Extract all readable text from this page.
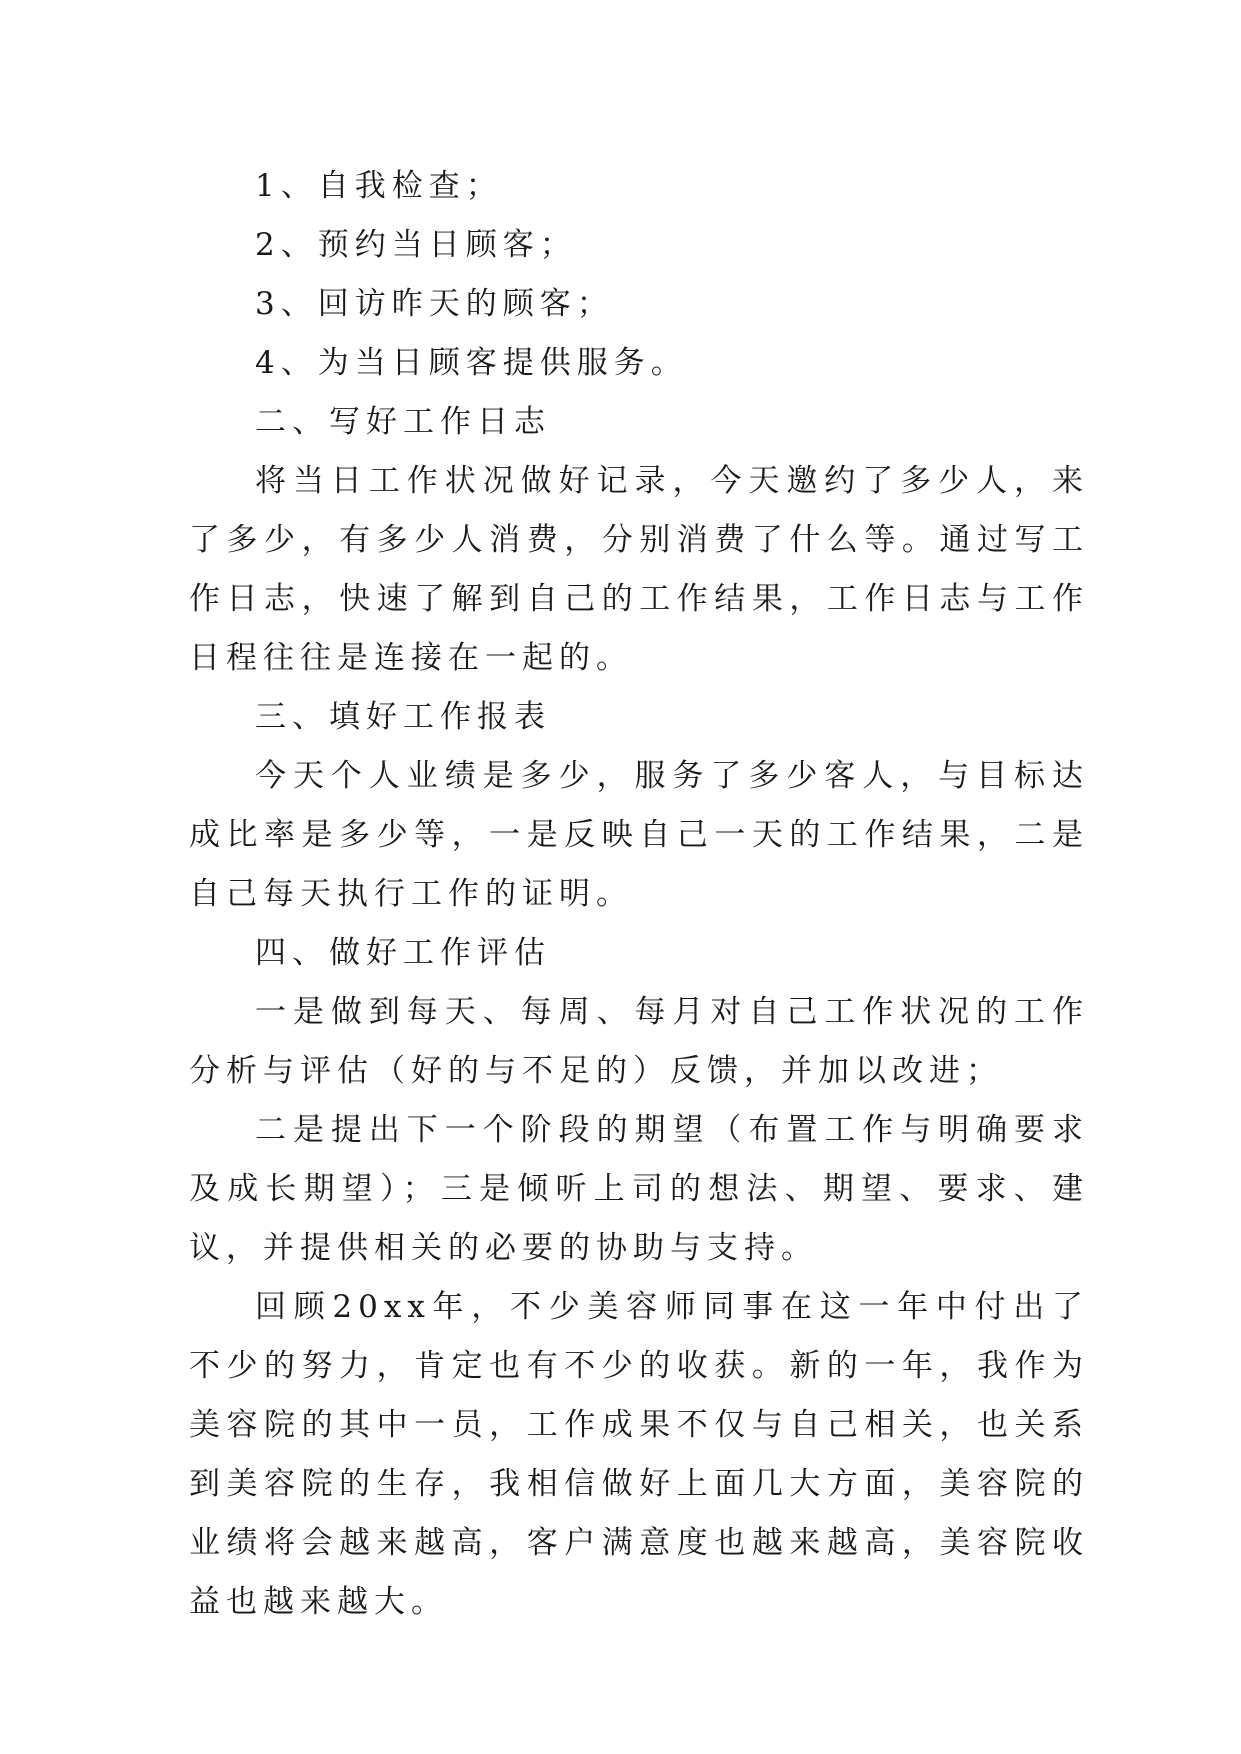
1、自我检查；

2、预约当日顾客；

3、回访昨天的顾客；

4、为当日顾客提供服务。

二、写好工作日志

将当日工作状况做好记录，今天邀约了多少人，来了多少，有多少人消费，分别消费了什么等。通过写工作日志，快速了解到自己的工作结果，工作日志与工作日程往往是连接在一起的。

三、填好工作报表

今天个人业绩是多少，服务了多少客人，与目标达成比率是多少等，一是反映自己一天的工作结果，二是自己每天执行工作的证明。

四、做好工作评估

一是做到每天、每周、每月对自己工作状况的工作分析与评估（好的与不足的）反馈，并加以改进；

二是提出下一个阶段的期望（布置工作与明确要求及成长期望）；三是倾听上司的想法、期望、要求、建议，并提供相关的必要的协助与支持。

回顾20xx年，不少美容师同事在这一年中付出了不少的努力，肯定也有不少的收获。新的一年，我作为美容院的其中一员，工作成果不仅与自己相关，也关系到美容院的生存，我相信做好上面几大方面，美容院的业绩将会越来越高，客户满意度也越来越高，美容院收益也越来越大。
